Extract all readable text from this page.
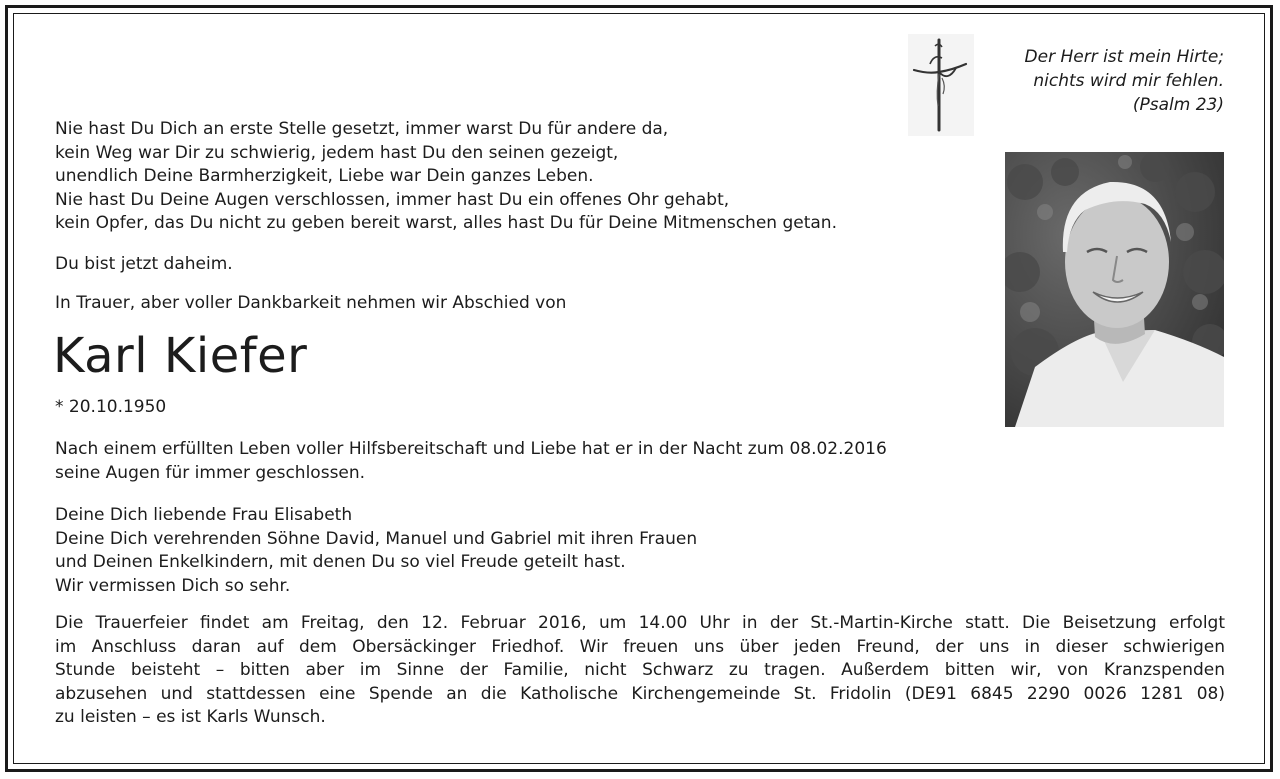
Der Herr ist mein Hirte;
nichts wird mir fehlen.
(Psalm 23)
Nie hast Du Dich an erste Stelle gesetzt, immer warst Du für andere da,
kein Weg war Dir zu schwierig, jedem hast Du den seinen gezeigt,
unendlich Deine Barmherzigkeit, Liebe war Dein ganzes Leben.
Nie hast Du Deine Augen verschlossen, immer hast Du ein offenes Ohr gehabt,
kein Opfer, das Du nicht zu geben bereit warst, alles hast Du für Deine Mitmenschen getan.
Du bist jetzt daheim.
In Trauer, aber voller Dankbarkeit nehmen wir Abschied von
Karl Kiefer
* 20.10.1950
Nach einem erfüllten Leben voller Hilfsbereitschaft und Liebe hat er in der Nacht zum 08.02.2016
seine Augen für immer geschlossen.
Deine Dich liebende Frau Elisabeth
Deine Dich verehrenden Söhne David, Manuel und Gabriel mit ihren Frauen
und Deinen Enkelkindern, mit denen Du so viel Freude geteilt hast.
Wir vermissen Dich so sehr.
Die Trauerfeier findet am Freitag, den 12. Februar 2016, um 14.00 Uhr in der St.-Martin-Kirche statt. Die Beisetzung erfolgt
im Anschluss daran auf dem Obersäckinger Friedhof. Wir freuen uns über jeden Freund, der uns in dieser schwierigen
Stunde beisteht – bitten aber im Sinne der Familie, nicht Schwarz zu tragen. Außerdem bitten wir, von Kranzspenden
abzusehen und stattdessen eine Spende an die Katholische Kirchengemeinde St. Fridolin (DE91 6845 2290 0026 1281 08)
zu leisten – es ist Karls Wunsch.
